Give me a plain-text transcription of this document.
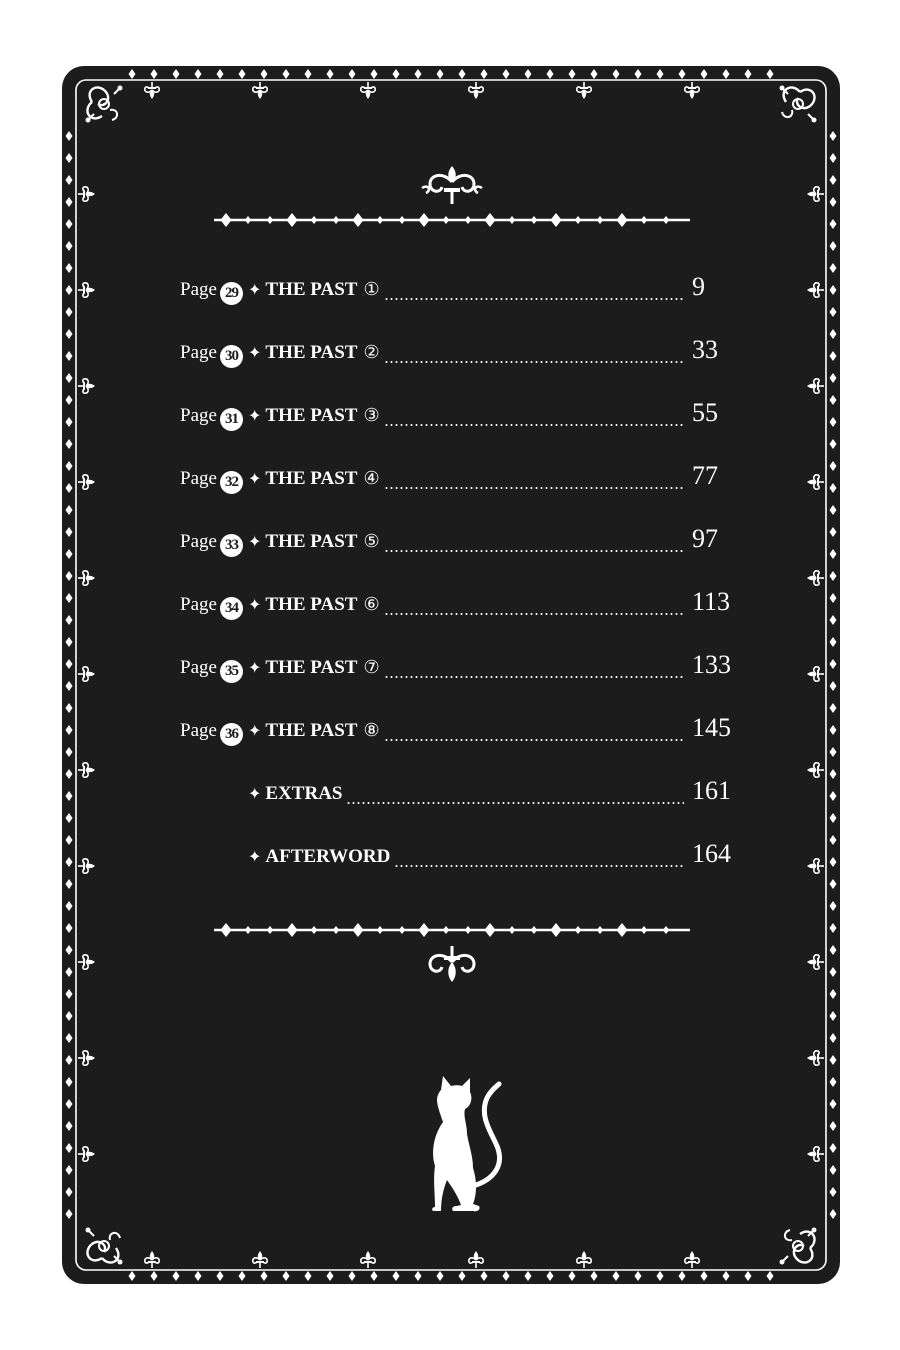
Page 29 ✦ THE PAST ①	9
Page 30 ✦ THE PAST ②	33
Page 31 ✦ THE PAST ③	55
Page 32 ✦ THE PAST ④	77
Page 33 ✦ THE PAST ⑤	97
Page 34 ✦ THE PAST ⑥	113
Page 35 ✦ THE PAST ⑦	133
Page 36 ✦ THE PAST ⑧	145
✦ EXTRAS	161
✦ AFTERWORD	164
